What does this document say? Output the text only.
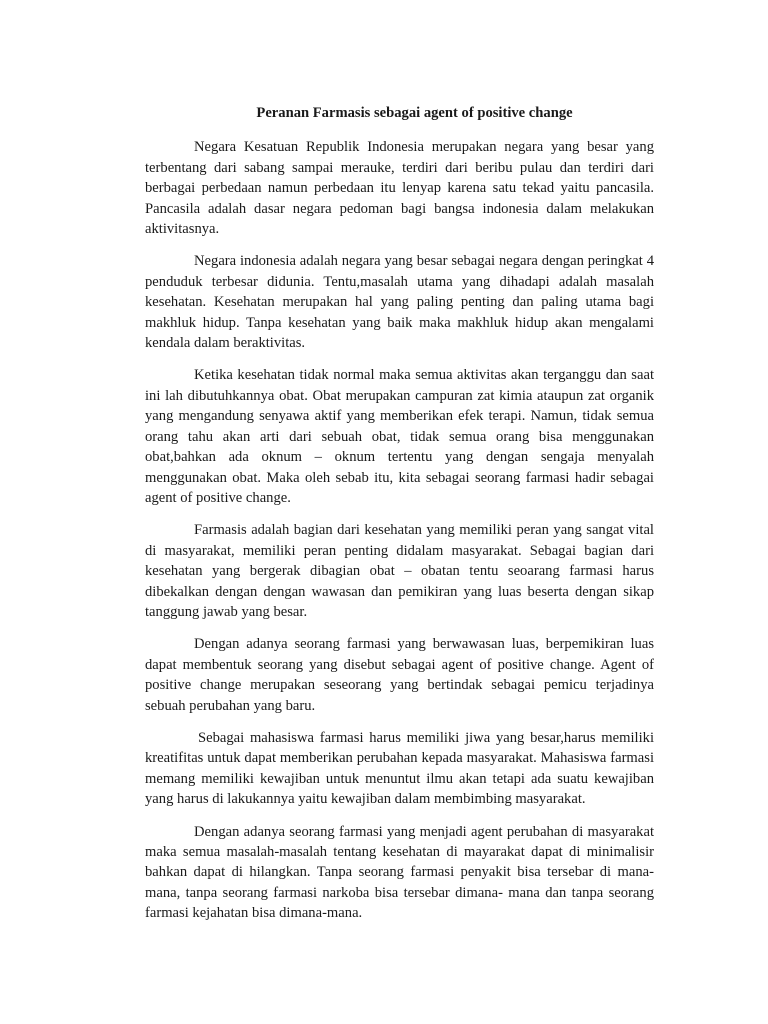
Peranan Farmasis sebagai agent of positive change

Negara Kesatuan Republik Indonesia merupakan negara yang besar yang terbentang dari sabang sampai merauke, terdiri dari beribu pulau dan terdiri dari berbagai perbedaan namun perbedaan itu lenyap karena satu tekad yaitu pancasila. Pancasila adalah dasar negara pedoman bagi bangsa indonesia dalam melakukan aktivitasnya.

Negara indonesia adalah negara yang besar sebagai negara dengan peringkat 4 penduduk terbesar didunia. Tentu,masalah utama yang dihadapi adalah masalah kesehatan. Kesehatan merupakan hal yang paling penting dan paling utama bagi makhluk hidup. Tanpa kesehatan yang baik maka makhluk hidup akan mengalami kendala dalam beraktivitas.

Ketika kesehatan tidak normal maka semua aktivitas akan terganggu dan saat ini lah dibutuhkannya obat. Obat merupakan campuran zat kimia ataupun zat organik yang mengandung senyawa aktif yang memberikan efek terapi. Namun, tidak semua orang tahu akan arti dari sebuah obat, tidak semua orang bisa menggunakan obat,bahkan ada oknum – oknum tertentu yang dengan sengaja menyalah menggunakan obat. Maka oleh sebab itu, kita sebagai seorang farmasi hadir sebagai agent of positive change.

Farmasis adalah bagian dari kesehatan yang memiliki peran yang sangat vital di masyarakat, memiliki peran penting didalam masyarakat. Sebagai bagian dari kesehatan yang bergerak dibagian obat – obatan tentu seoarang farmasi harus dibekalkan dengan dengan wawasan dan pemikiran yang luas beserta dengan sikap tanggung jawab yang besar.

Dengan adanya seorang farmasi yang berwawasan luas, berpemikiran luas dapat membentuk seorang yang disebut sebagai agent of positive change. Agent of positive change merupakan seseorang yang bertindak sebagai pemicu terjadinya sebuah perubahan yang baru.

Sebagai mahasiswa farmasi harus memiliki jiwa yang besar,harus memiliki kreatifitas untuk dapat memberikan perubahan kepada masyarakat. Mahasiswa farmasi memang memiliki kewajiban untuk menuntut ilmu akan tetapi ada suatu kewajiban yang harus di lakukannya yaitu kewajiban dalam membimbing masyarakat.

Dengan adanya seorang farmasi yang menjadi agent perubahan di masyarakat maka semua masalah-masalah tentang kesehatan di mayarakat dapat di minimalisir bahkan dapat di hilangkan. Tanpa seorang farmasi penyakit bisa tersebar di mana-mana, tanpa seorang farmasi narkoba bisa tersebar dimana- mana dan tanpa seorang farmasi kejahatan bisa dimana-mana.
